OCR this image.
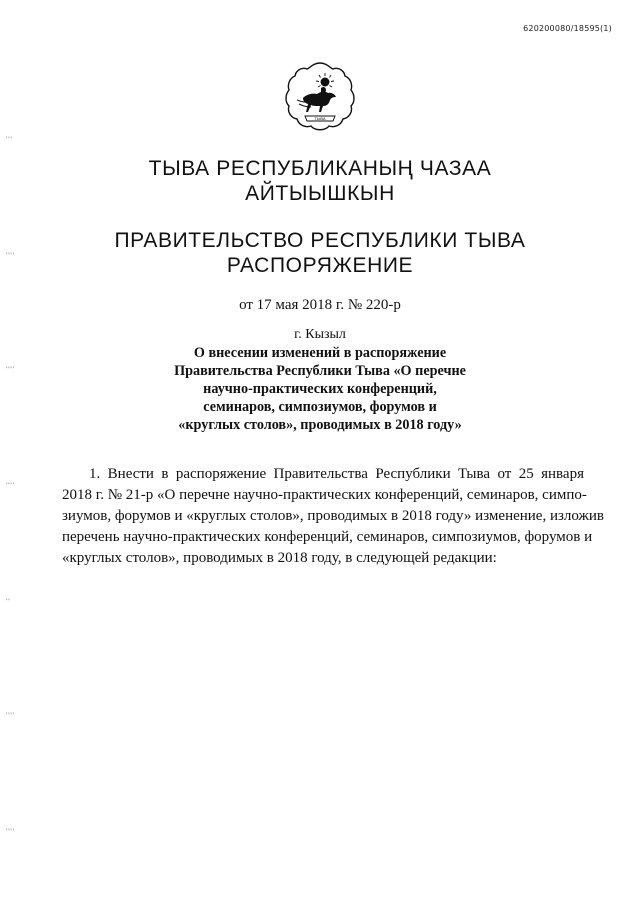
620200080/18595(1)
ТЫВА
'''
''''
''''
''''
''
''''
''''
ТЫВА РЕСПУБЛИКАНЫҢ ЧАЗАА
АЙТЫЫШКЫН
ПРАВИТЕЛЬСТВО РЕСПУБЛИКИ ТЫВА
РАСПОРЯЖЕНИЕ
от 17 мая 2018 г. № 220-р
г. Кызыл
О внесении изменений в распоряжение
Правительства Республики Тыва «О перечне
научно-практических конференций,
семинаров, симпозиумов, форумов и
«круглых столов», проводимых в 2018 году»
1. Внести в распоряжение Правительства Республики Тыва от 25 января
2018 г. № 21-р «О перечне научно-практических конференций, семинаров, симпо-
зиумов, форумов и «круглых столов», проводимых в 2018 году» изменение, изложив
перечень научно-практических конференций, семинаров, симпозиумов, форумов и
«круглых столов», проводимых в 2018 году, в следующей редакции:
